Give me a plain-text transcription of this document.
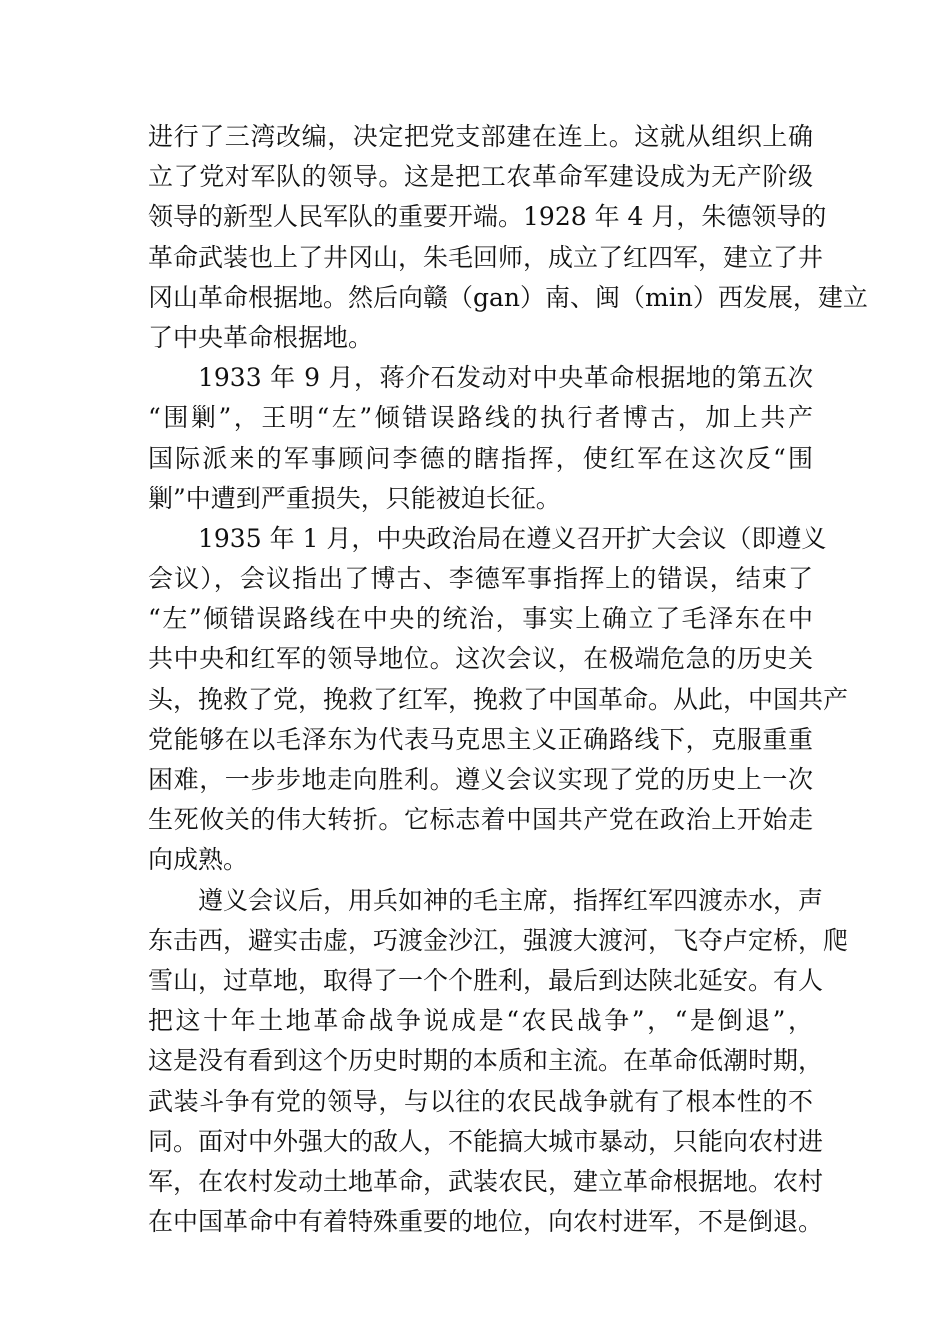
进行了三湾改编，决定把党支部建在连上。这就从组织上确
立了党对军队的领导。这是把工农革命军建设成为无产阶级
领导的新型人民军队的重要开端。1928 年 4 月，朱德领导的
革命武装也上了井冈山，朱毛回师，成立了红四军，建立了井
冈山革命根据地。然后向赣（gan）南、闽（min）西发展，建立
了中央革命根据地。
1933 年 9 月，蒋介石发动对中央革命根据地的第五次
“围剿”，王明“左”倾错误路线的执行者博古，加上共产
国际派来的军事顾问李德的瞎指挥，使红军在这次反“围
剿”中遭到严重损失，只能被迫长征。
1935 年 1 月，中央政治局在遵义召开扩大会议（即遵义
会议），会议指出了博古、李德军事指挥上的错误，结束了
“左”倾错误路线在中央的统治，事实上确立了毛泽东在中
共中央和红军的领导地位。这次会议，在极端危急的历史关
头，挽救了党，挽救了红军，挽救了中国革命。从此，中国共产
党能够在以毛泽东为代表马克思主义正确路线下，克服重重
困难，一步步地走向胜利。遵义会议实现了党的历史上一次
生死攸关的伟大转折。它标志着中国共产党在政治上开始走
向成熟。
遵义会议后，用兵如神的毛主席，指挥红军四渡赤水，声
东击西，避实击虚，巧渡金沙江，强渡大渡河，飞夺卢定桥，爬
雪山，过草地，取得了一个个胜利，最后到达陕北延安。有人
把这十年土地革命战争说成是“农民战争”，“是倒退”，
这是没有看到这个历史时期的本质和主流。在革命低潮时期，
武装斗争有党的领导，与以往的农民战争就有了根本性的不
同。面对中外强大的敌人，不能搞大城市暴动，只能向农村进
军，在农村发动土地革命，武装农民，建立革命根据地。农村
在中国革命中有着特殊重要的地位，向农村进军，不是倒退。
